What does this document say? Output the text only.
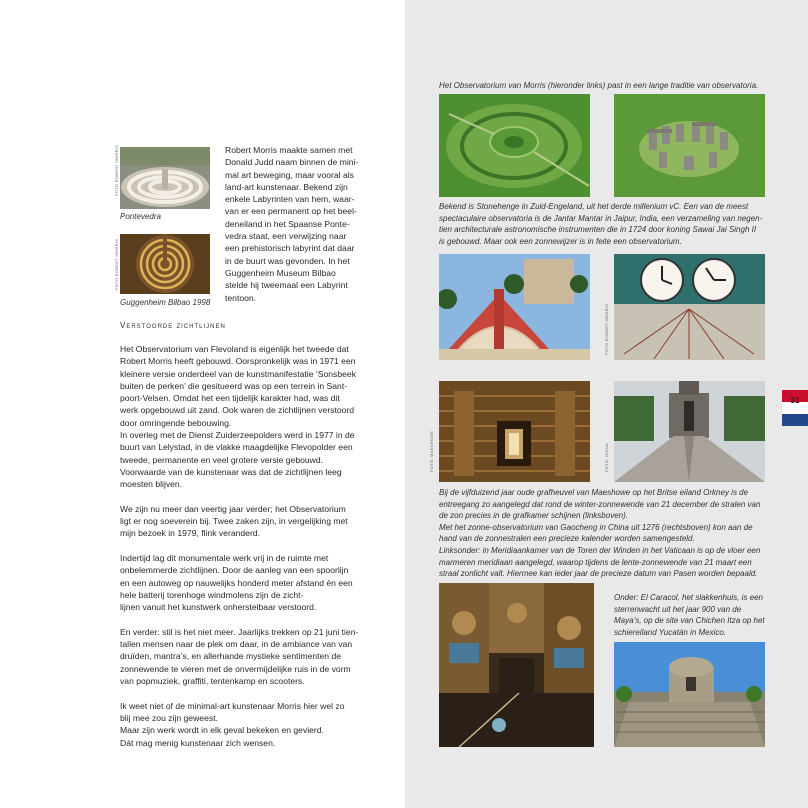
FOTO ROBERT MORRIS
Pontevedra
FOTO ROBERT MORRIS
Guggenheim Bilbao 1998
Robert Morris maakte samen met
Donald Judd naam binnen de mini-
mal art beweging, maar vooral als
land-art kunstenaar. Bekend zijn
enkele Labyrinten van hem, waar-
van er een permanent op het beel-
deneiland in het Spaanse Ponte-
vedra staat, een verwijzing naar
een prehistorisch labyrint dat daar
in de buurt was gevonden. In het
Guggenheim Museum Bilbao
stelde hij tweemaal een Labyrint
tentoon.
Verstoorde zichtlijnen

Het Observatorium van Flevoland is eigenlijk het tweede dat
Robert Morris heeft gebouwd. Oorspronkelijk was in 1971 een
kleinere versie onderdeel van de kunstmanifestatie ‘Sonsbeek
buiten de perken’ die gesitueerd was op een terrein in Sant-
poort-Velsen. Omdat het een tijdelijk karakter had, was dit
werk opgebouwd uit zand. Ook waren de zichtlijnen verstoord
door omringende bebouwing.
In overleg met de Dienst Zuiderzeepolders werd in 1977 in de
buurt van Lelystad, in de vlakke maagdelijke Flevopolder een
tweede, permanente en veel grotere versie gebouwd.
Voorwaarde van de kunstenaar was dat de zichtlijnen leeg
moesten blijven.

We zijn nu meer dan veertig jaar verder; het Observatorium
ligt er nog soeverein bij. Twee zaken zijn, in vergelijking met
mijn bezoek in 1979, flink veranderd.

Indertijd lag dit monumentale werk vrij in de ruimte met
onbelemmerde zichtlijnen. Door de aanleg van een spoorlijn
en een autoweg op nauwelijks honderd meter afstand èn een
hele batterij torenhoge windmolens zijn de zicht-
lijnen vanuit het kunstwerk onherstelbaar verstoord.

En verder: stil is het niet meer. Jaarlijks trekken op 21 juni tien-
tallen mensen naar de plek om daar, in de ambiance van van
druïden, mantra’s, en allerhande mystieke sentimenten de
zonnewende te vieren met de onvermijdelijke ruis in de vorm
van popmuziek, graffiti, tentenkamp en scooters.

Ik weet niet of de minimal-art kunstenaar Morris hier wel zo
blij mee zou zijn geweest.
Maar zijn werk wordt in elk geval bekeken en gevierd.
Dàt mag menig kunstenaar zich wensen.

Het Observatorium van Morris (hieronder links) past in een lange traditie van observatoria.
Bekend is Stonehenge in Zuid-Engeland, uit het derde millenium vC. Een van de meest
spectaculaire observatoria is de Jantar Mantar in Jaipur, India, een verzameling van negen-
tien architecturale astronomische instrumenten die in 1724 door koning Sawai Jai Singh II
is gebouwd. Maar ook een zonnewijzer is in feite een observatorium.
FOTO ROBERT MORRIS
FOTO: MAESHOWE	FOTO: CHINA
Bij de vijfduizend jaar oude grafheuvel van Maeshowe op het Britse eiland Orkney is de
entreegang zo aangelegd dat rond de winter-zonnewende van 21 december de stralen van
de zon precies in de grafkamer schijnen (linksboven).
Met het zonne-observatorium van Gaocheng in China uit 1276 (rechtsboven) kon aan de
hand van de zonnestralen een precieze kalender worden samengesteld.
Linksonder: in Meridiaankamer van de Toren der Winden in het Vaticaan is op de vloer een
marmeren meridiaan aangelegd, waarop tijdens de lente-zonnewende van 21 maart een
straal zonlicht valt. Hiermee kan ieder jaar de precieze datum van Pasen worden bepaald.
Onder: El Caracol, het slakkenhuis, is een
sterrenwacht uit het jaar 900 van de
Maya’s, op de site van Chichen Itza op het
schiereiland Yucatán in Mexico.
31
